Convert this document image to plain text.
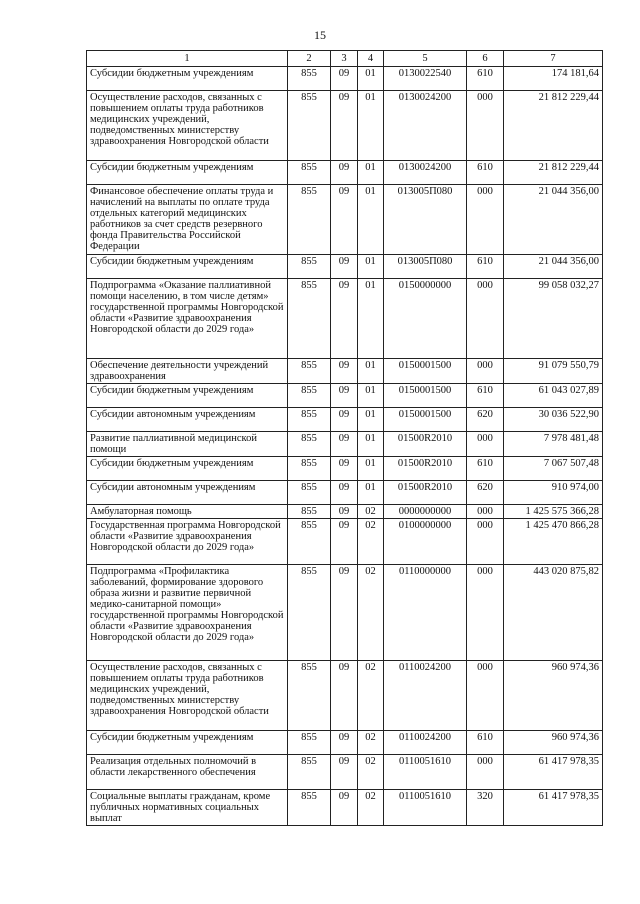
15
1	2	3	4	5	6	7
Субсидии бюджетным учреждениям	855	09	01	0130022540	610	174 181,64
Осуществление расходов, связанных с повышением оплаты труда работников медицинских учреждений, подведомственных министерству здравоохранения Новгородской области	855	09	01	0130024200	000	21 812 229,44
Субсидии бюджетным учреждениям	855	09	01	0130024200	610	21 812 229,44
Финансовое обеспечение оплаты труда и начислений на выплаты по оплате труда отдельных категорий медицинских работников за счет средств резервного фонда Правительства Российской Федерации	855	09	01	013005П080	000	21 044 356,00
Субсидии бюджетным учреждениям	855	09	01	013005П080	610	21 044 356,00
Подпрограмма «Оказание паллиативной помощи населению, в том числе детям» государственной программы Новгородской области «Развитие здравоохранения Новгородской области до 2029 года»	855	09	01	0150000000	000	99 058 032,27
Обеспечение деятельности учреждений здравоохранения	855	09	01	0150001500	000	91 079 550,79
Субсидии бюджетным учреждениям	855	09	01	0150001500	610	61 043 027,89
Субсидии автономным учреждениям	855	09	01	0150001500	620	30 036 522,90
Развитие паллиативной медицинской помощи	855	09	01	01500R2010	000	7 978 481,48
Субсидии бюджетным учреждениям	855	09	01	01500R2010	610	7 067 507,48
Субсидии автономным учреждениям	855	09	01	01500R2010	620	910 974,00
Амбулаторная помощь	855	09	02	0000000000	000	1 425 575 366,28
Государственная программа Новгородской области «Развитие здравоохранения Новгородской области до 2029 года»	855	09	02	0100000000	000	1 425 470 866,28
Подпрограмма «Профилактика заболеваний, формирование здорового образа жизни и развитие первичной медико-санитарной помощи» государственной программы Новгородской области «Развитие здравоохранения Новгородской области до 2029 года»	855	09	02	0110000000	000	443 020 875,82
Осуществление расходов, связанных с повышением оплаты труда работников медицинских учреждений, подведомственных министерству здравоохранения Новгородской области	855	09	02	0110024200	000	960 974,36
Субсидии бюджетным учреждениям	855	09	02	0110024200	610	960 974,36
Реализация отдельных полномочий в области лекарственного обеспечения	855	09	02	0110051610	000	61 417 978,35
Социальные выплаты гражданам, кроме публичных нормативных социальных выплат	855	09	02	0110051610	320	61 417 978,35
